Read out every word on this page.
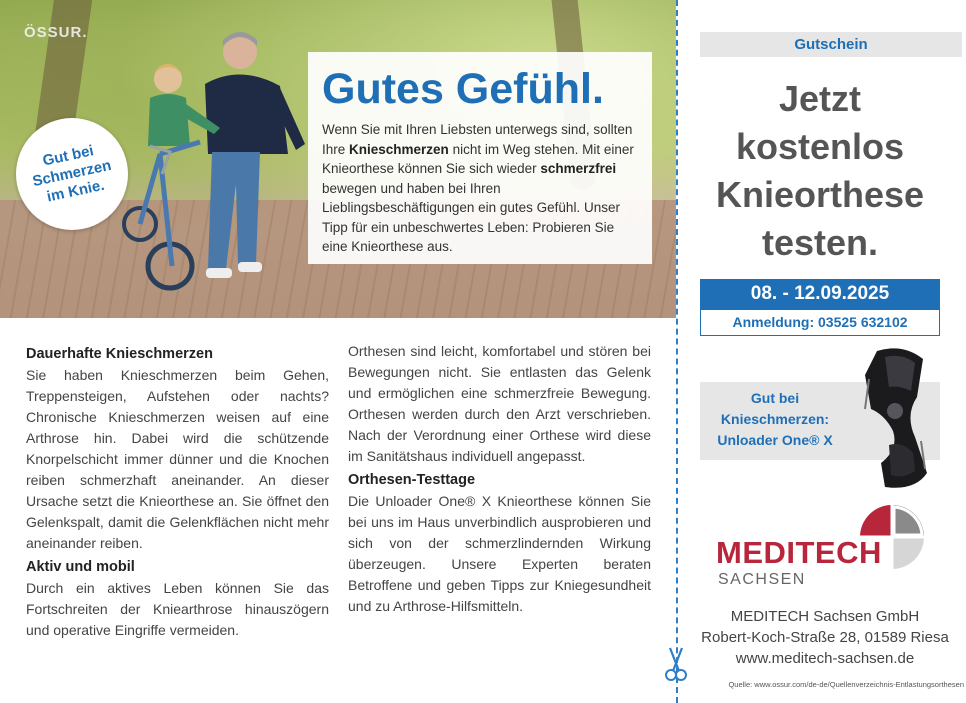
ÖSSUR.
Gut bei
Schmerzen
im Knie.
Gutes Gefühl.
Wenn Sie mit Ihren Liebsten unterwegs sind, sollten Ihre Knieschmerzen nicht im Weg stehen. Mit einer Knieorthese können Sie sich wieder schmerzfrei bewegen und haben bei Ihren Lieblingsbeschäftigungen ein gutes Gefühl. Unser Tipp für ein unbeschwertes Leben: Probieren Sie eine Knieorthese aus.
Dauerhafte Knieschmerzen

Sie haben Knieschmerzen beim Gehen, Treppensteigen, Aufstehen oder nachts? Chronische Knieschmerzen weisen auf eine Arthrose hin. Dabei wird die schützende Knorpelschicht immer dünner und die Knochen reiben schmerzhaft aneinander. An dieser Ursache setzt die Knieorthese an. Sie öffnet den Gelenkspalt, damit die Gelenkflächen nicht mehr aneinander reiben.

Aktiv und mobil

Durch ein aktives Leben können Sie das Fortschreiten der Kniearthrose hinauszögern und operative Eingriffe vermeiden.

Orthesen sind leicht, komfortabel und stören bei Bewegungen nicht. Sie entlasten das Gelenk und ermöglichen eine schmerzfreie Bewegung. Orthesen werden durch den Arzt verschrieben. Nach der Verordnung einer Orthese wird diese im Sanitätshaus individuell angepasst.

Orthesen-Testtage

Die Unloader One® X Knieorthese können Sie bei uns im Haus unverbindlich ausprobieren und sich von der schmerzlindernden Wirkung überzeugen. Unsere Experten beraten Betroffene und geben Tipps zur Kniegesundheit und zu Arthrose-Hilfsmitteln.

Gutschein
Jetzt kostenlos Knieorthese testen.
08. - 12.09.2025
Anmeldung: 03525 632102
Gut bei
Knieschmerzen:
Unloader One® X
MEDITECH
SACHSEN
MEDITECH Sachsen GmbH
Robert-Koch-Straße 28, 01589 Riesa
www.meditech-sachsen.de
Quelle: www.ossur.com/de-de/Quellenverzeichnis-Entlastungsorthesen
